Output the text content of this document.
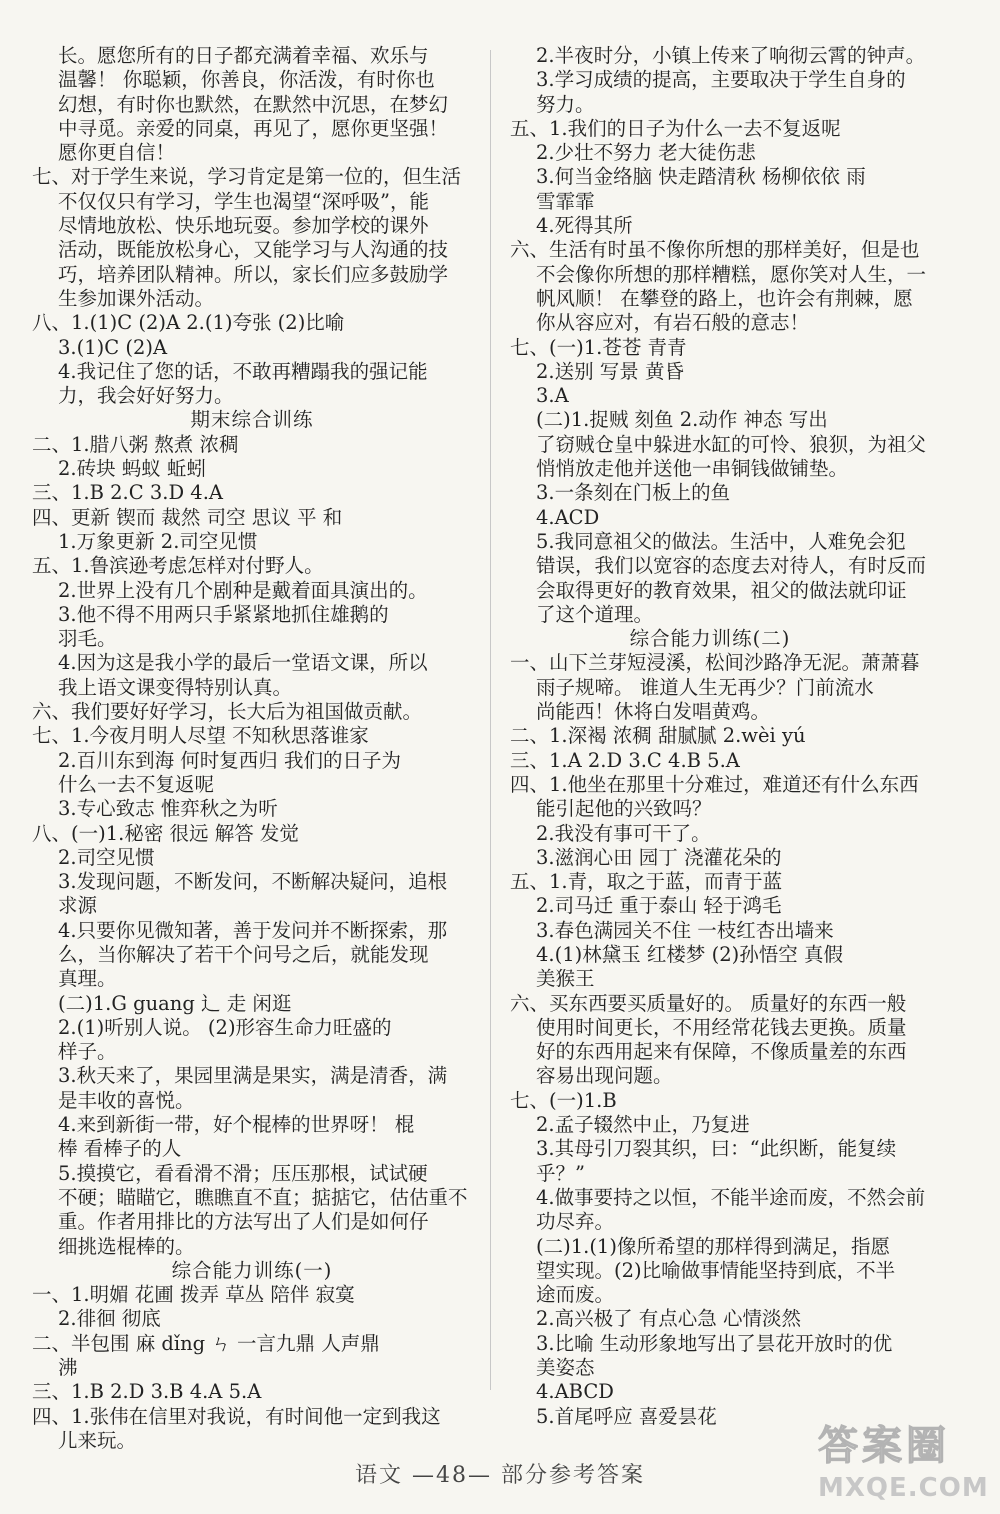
长。愿您所有的日子都充满着幸福、欢乐与
温馨！ 你聪颖，你善良，你活泼，有时你也
幻想，有时你也默然，在默然中沉思，在梦幻
中寻觅。亲爱的同桌，再见了，愿你更坚强！
愿你更自信！
七、对于学生来说，学习肯定是第一位的，但生活
不仅仅只有学习，学生也渴望“深呼吸”，能
尽情地放松、快乐地玩耍。参加学校的课外
活动，既能放松身心，又能学习与人沟通的技
巧，培养团队精神。所以，家长们应多鼓励学
生参加课外活动。
八、1.(1)C (2)A 2.(1)夸张 (2)比喻
3.(1)C (2)A
4.我记住了您的话，不敢再糟蹋我的强记能
力，我会好好努力。
期末综合训练
二、1.腊八粥 熬煮 浓稠
2.砖块 蚂蚁 蚯蚓
三、1.B 2.C 3.D 4.A
四、更新 锲而 裁然 司空 思议 平 和
1.万象更新 2.司空见惯
五、1.鲁滨逊考虑怎样对付野人。
2.世界上没有几个剧种是戴着面具演出的。
3.他不得不用两只手紧紧地抓住雄鹅的
羽毛。
4.因为这是我小学的最后一堂语文课，所以
我上语文课变得特别认真。
六、我们要好好学习，长大后为祖国做贡献。
七、1.今夜月明人尽望 不知秋思落谁家
2.百川东到海 何时复西归 我们的日子为
什么一去不复返呢
3.专心致志 惟弈秋之为听
八、(一)1.秘密 很远 解答 发觉
2.司空见惯
3.发现问题，不断发问，不断解决疑问，追根
求源
4.只要你见微知著，善于发问并不断探索，那
么，当你解决了若干个问号之后，就能发现
真理。
(二)1.G guang 辶 走 闲逛
2.(1)听别人说。 (2)形容生命力旺盛的
样子。
3.秋天来了，果园里满是果实，满是清香，满
是丰收的喜悦。
4.来到新街一带，好个棍棒的世界呀！ 棍
棒 看棒子的人
5.摸摸它，看看滑不滑；压压那根，试试硬
不硬；瞄瞄它，瞧瞧直不直；掂掂它，估估重不
重。作者用排比的方法写出了人们是如何仔
细挑选棍棒的。
综合能力训练(一)
一、1.明媚 花圃 拨弄 草丛 陪伴 寂寞
2.徘徊 彻底
二、半包围 麻 dǐng ㄣ 一言九鼎 人声鼎
沸
三、1.B 2.D 3.B 4.A 5.A
四、1.张伟在信里对我说，有时间他一定到我这
儿来玩。
2.半夜时分，小镇上传来了响彻云霄的钟声。
3.学习成绩的提高，主要取决于学生自身的
努力。
五、1.我们的日子为什么一去不复返呢
2.少壮不努力 老大徒伤悲
3.何当金络脑 快走踏清秋 杨柳依依 雨
雪霏霏
4.死得其所
六、生活有时虽不像你所想的那样美好，但是也
不会像你所想的那样糟糕，愿你笑对人生，一
帆风顺！ 在攀登的路上，也许会有荆棘，愿
你从容应对，有岩石般的意志！
七、(一)1.苍苍 青青
2.送别 写景 黄昏
3.A
(二)1.捉贼 刻鱼 2.动作 神态 写出
了窃贼仓皇中躲进水缸的可怜、狼狈，为祖父
悄悄放走他并送他一串铜钱做铺垫。
3.一条刻在门板上的鱼
4.ACD
5.我同意祖父的做法。生活中，人难免会犯
错误，我们以宽容的态度去对待人，有时反而
会取得更好的教育效果，祖父的做法就印证
了这个道理。
综合能力训练(二)
一、山下兰芽短浸溪，松间沙路净无泥。萧萧暮
雨子规啼。 谁道人生无再少？门前流水
尚能西！休将白发唱黄鸡。
二、1.深褐 浓稠 甜腻腻 2.wèi yú
三、1.A 2.D 3.C 4.B 5.A
四、1.他坐在那里十分难过，难道还有什么东西
能引起他的兴致吗？
2.我没有事可干了。
3.滋润心田 园丁 浇灌花朵的
五、1.青，取之于蓝，而青于蓝
2.司马迁 重于泰山 轻于鸿毛
3.春色满园关不住 一枝红杏出墙来
4.(1)林黛玉 红楼梦 (2)孙悟空 真假
美猴王
六、买东西要买质量好的。 质量好的东西一般
使用时间更长，不用经常花钱去更换。质量
好的东西用起来有保障，不像质量差的东西
容易出现问题。
七、(一)1.B
2.孟子辍然中止，乃复进
3.其母引刀裂其织，曰：“此织断，能复续
乎？”
4.做事要持之以恒，不能半途而废，不然会前
功尽弃。
(二)1.(1)像所希望的那样得到满足，指愿
望实现。(2)比喻做事情能坚持到底，不半
途而废。
2.高兴极了 有点心急 心情淡然
3.比喻 生动形象地写出了昙花开放时的优
美姿态
4.ABCD
5.首尾呼应 喜爱昙花
语文 —48— 部分参考答案
答案圈
MXQE.COM
